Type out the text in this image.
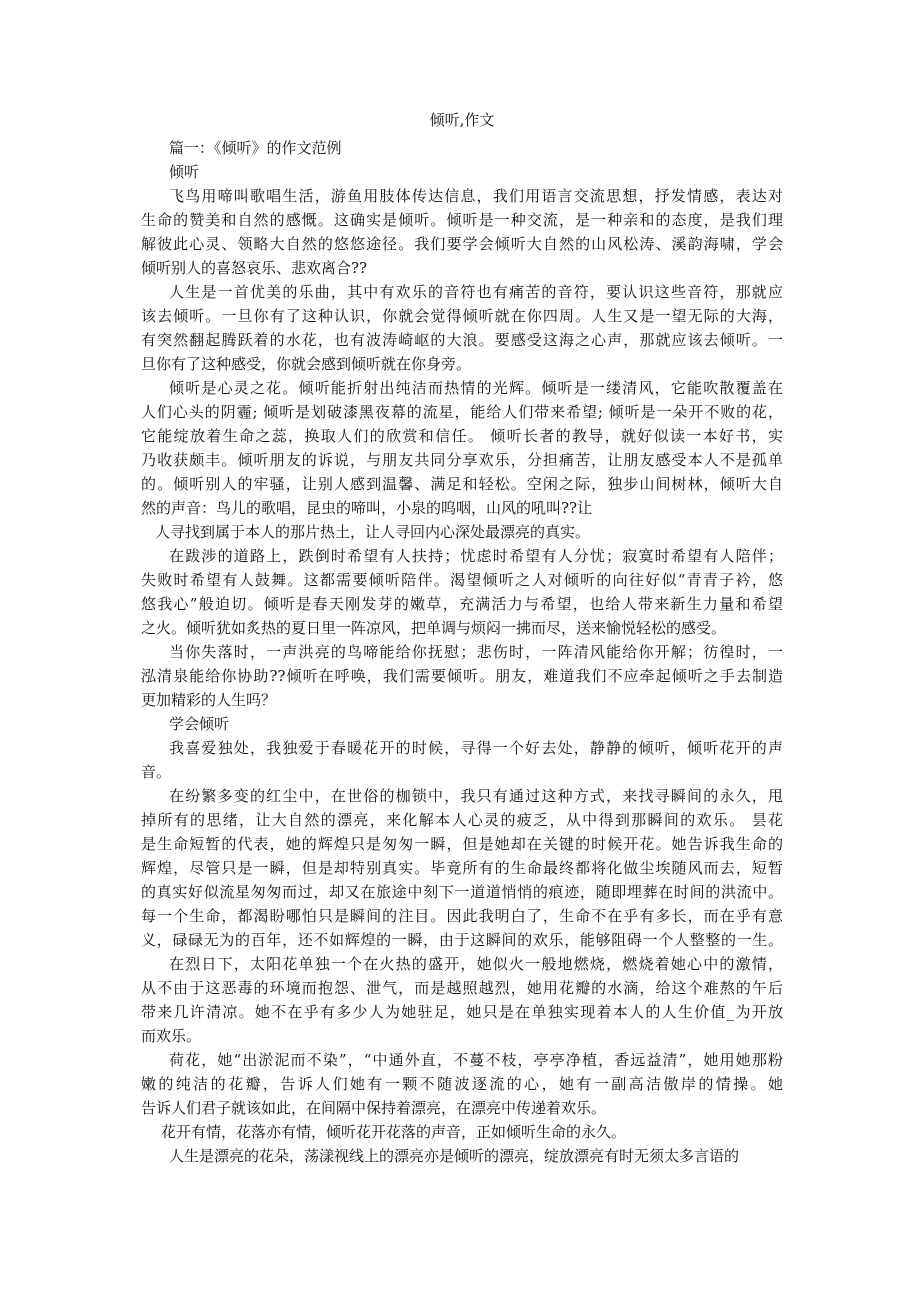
倾听,作文

篇一：《倾听》的作文范例

倾听

飞鸟用啼叫歌唱生活，游鱼用肢体传达信息，我们用语言交流思想，抒发情感，表达对

生命的赞美和自然的感慨。这确实是倾听。倾听是一种交流，是一种亲和的态度，是我们理

解彼此心灵、领略大自然的悠悠途径。我们要学会倾听大自然的山风松涛、溪韵海啸，学会

倾听别人的喜怒哀乐、悲欢离合??

人生是一首优美的乐曲，其中有欢乐的音符也有痛苦的音符，要认识这些音符，那就应

该去倾听。一旦你有了这种认识，你就会觉得倾听就在你四周。人生又是一望无际的大海，

有突然翻起腾跃着的水花，也有波涛崎岖的大浪。要感受这海之心声，那就应该去倾听。一

旦你有了这种感受，你就会感到倾听就在你身旁。

倾听是心灵之花。倾听能折射出纯洁而热情的光辉。倾听是一缕清风，它能吹散覆盖在

人们心头的阴霾; 倾听是划破漆黑夜幕的流星，能给人们带来希望; 倾听是一朵开不败的花，

它能绽放着生命之蕊，换取人们的欣赏和信任。 倾听长者的教导，就好似读一本好书，实

乃收获颇丰。倾听朋友的诉说，与朋友共同分享欢乐，分担痛苦，让朋友感受本人不是孤单

的。倾听别人的牢骚，让别人感到温馨、满足和轻松。空闲之际，独步山间树林，倾听大自

然的声音：鸟儿的歌唱，昆虫的啼叫，小泉的呜咽，山风的吼叫??让

人寻找到属于本人的那片热土，让人寻回内心深处最漂亮的真实。

在跋涉的道路上，跌倒时希望有人扶持；忧虑时希望有人分忧；寂寞时希望有人陪伴；

失败时希望有人鼓舞。这都需要倾听陪伴。渴望倾听之人对倾听的向往好似“青青子衿，悠

悠我心”般迫切。倾听是春天刚发芽的嫩草，充满活力与希望，也给人带来新生力量和希望

之火。倾听犹如炙热的夏日里一阵凉风，把单调与烦闷一拂而尽，送来愉悦轻松的感受。

当你失落时，一声洪亮的鸟啼能给你抚慰；悲伤时，一阵清风能给你开解；彷徨时，一

泓清泉能给你协助??倾听在呼唤，我们需要倾听。朋友，难道我们不应牵起倾听之手去制造

更加精彩的人生吗？

学会倾听

我喜爱独处，我独爱于春暖花开的时候，寻得一个好去处，静静的倾听，倾听花开的声

音。

在纷繁多变的红尘中，在世俗的枷锁中，我只有通过这种方式，来找寻瞬间的永久，甩

掉所有的思绪，让大自然的漂亮，来化解本人心灵的疲乏，从中得到那瞬间的欢乐。 昙花

是生命短暂的代表，她的辉煌只是匆匆一瞬，但是她却在关键的时候开花。她告诉我生命的

辉煌，尽管只是一瞬，但是却特别真实。毕竟所有的生命最终都将化做尘埃随风而去，短暂

的真实好似流星匆匆而过，却又在旅途中刻下一道道悄悄的痕迹，随即埋葬在时间的洪流中。

每一个生命，都渴盼哪怕只是瞬间的注目。因此我明白了，生命不在乎有多长，而在乎有意

义，碌碌无为的百年，还不如辉煌的一瞬，由于这瞬间的欢乐，能够阻碍一个人整整的一生。

在烈日下，太阳花单独一个在火热的盛开，她似火一般地燃烧，燃烧着她心中的激情，

从不由于这恶毒的环境而抱怨、泄气，而是越照越烈，她用花瓣的水滴，给这个难熬的午后

带来几许清凉。她不在乎有多少人为她驻足，她只是在单独实现着本人的人生价值_为开放

而欢乐。

荷花，她“出淤泥而不染”，“中通外直，不蔓不枝，亭亭净植，香远益清”，她用她那粉

嫩的纯洁的花瓣，告诉人们她有一颗不随波逐流的心，她有一副高洁傲岸的情操。她

告诉人们君子就该如此，在间隔中保持着漂亮，在漂亮中传递着欢乐。

花开有情，花落亦有情，倾听花开花落的声音，正如倾听生命的永久。

人生是漂亮的花朵，荡漾视线上的漂亮亦是倾听的漂亮，绽放漂亮有时无须太多言语的
